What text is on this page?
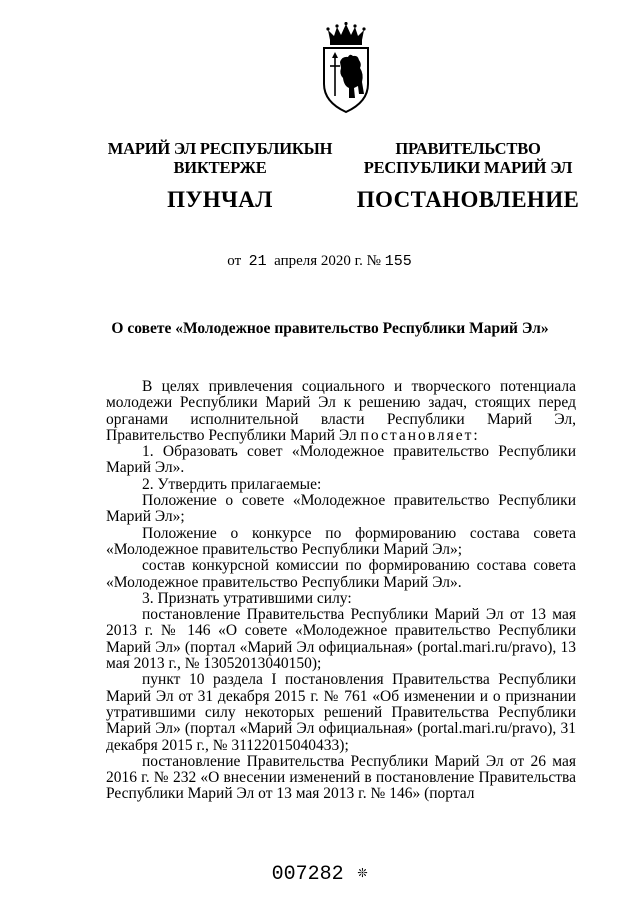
МАРИЙ ЭЛ РЕСПУБЛИКЫН
ВИКТЕРЖЕ
ПУНЧАЛ
ПРАВИТЕЛЬСТВО
РЕСПУБЛИКИ МАРИЙ ЭЛ
ПОСТАНОВЛЕНИЕ
от 21 апреля 2020 г. № 155
О совете «Молодежное правительство Республики Марий Эл»

В целях привлечения социального и творческого потенциала молодежи Республики Марий Эл к решению задач, стоящих перед органами исполнительной власти Республики Марий Эл, Правительство Республики Марий Эл постановляет:

1. Образовать совет «Молодежное правительство Республики Марий Эл».

2. Утвердить прилагаемые:

Положение о совете «Молодежное правительство Республики Марий Эл»;

Положение о конкурсе по формированию состава совета «Молодежное правительство Республики Марий Эл»;

состав конкурсной комиссии по формированию состава совета «Молодежное правительство Республики Марий Эл».

3. Признать утратившими силу:

постановление Правительства Республики Марий Эл от 13 мая 2013 г. № 146 «О совете «Молодежное правительство Республики Марий Эл» (портал «Марий Эл официальная» (portal.mari.ru/pravo), 13 мая 2013 г., № 13052013040150);

пункт 10 раздела I постановления Правительства Республики Марий Эл от 31 декабря 2015 г. № 761 «Об изменении и о признании утратившими силу некоторых решений Правительства Республики Марий Эл» (портал «Марий Эл официальная» (portal.mari.ru/pravo), 31 декабря 2015 г., № 31122015040433);

постановление Правительства Республики Марий Эл от 26 мая 2016 г. № 232 «О внесении изменений в постановление Правительства Республики Марий Эл от 13 мая 2013 г. № 146» (портал

007282 ❊
